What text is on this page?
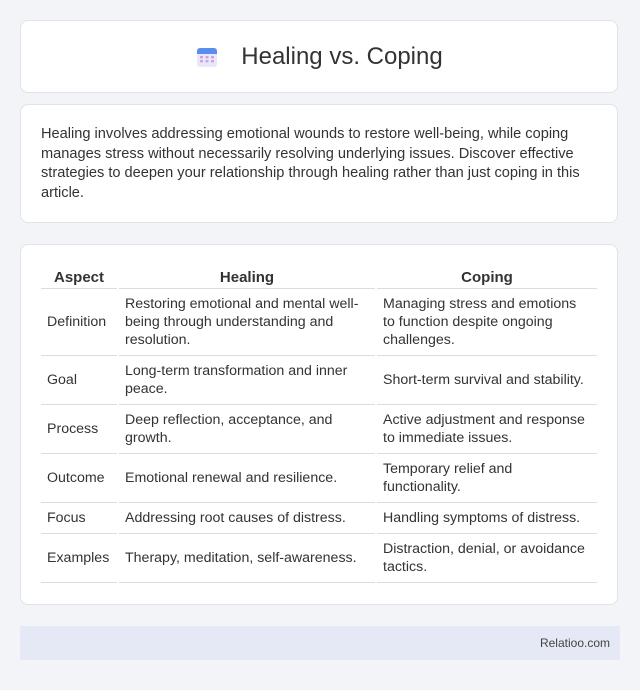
Healing vs. Coping

Healing involves addressing emotional wounds to restore well-being, while coping manages stress without necessarily resolving underlying issues. Discover effective strategies to deepen your relationship through healing rather than just coping in this article.

Aspect	Healing	Coping
Definition	Restoring emotional and mental well-being through understanding and resolution.	Managing stress and emotions to function despite ongoing challenges.
Goal	Long-term transformation and inner peace.	Short-term survival and stability.
Process	Deep reflection, acceptance, and growth.	Active adjustment and response to immediate issues.
Outcome	Emotional renewal and resilience.	Temporary relief and functionality.
Focus	Addressing root causes of distress.	Handling symptoms of distress.
Examples	Therapy, meditation, self-awareness.	Distraction, denial, or avoidance tactics.
Relatioo.com
